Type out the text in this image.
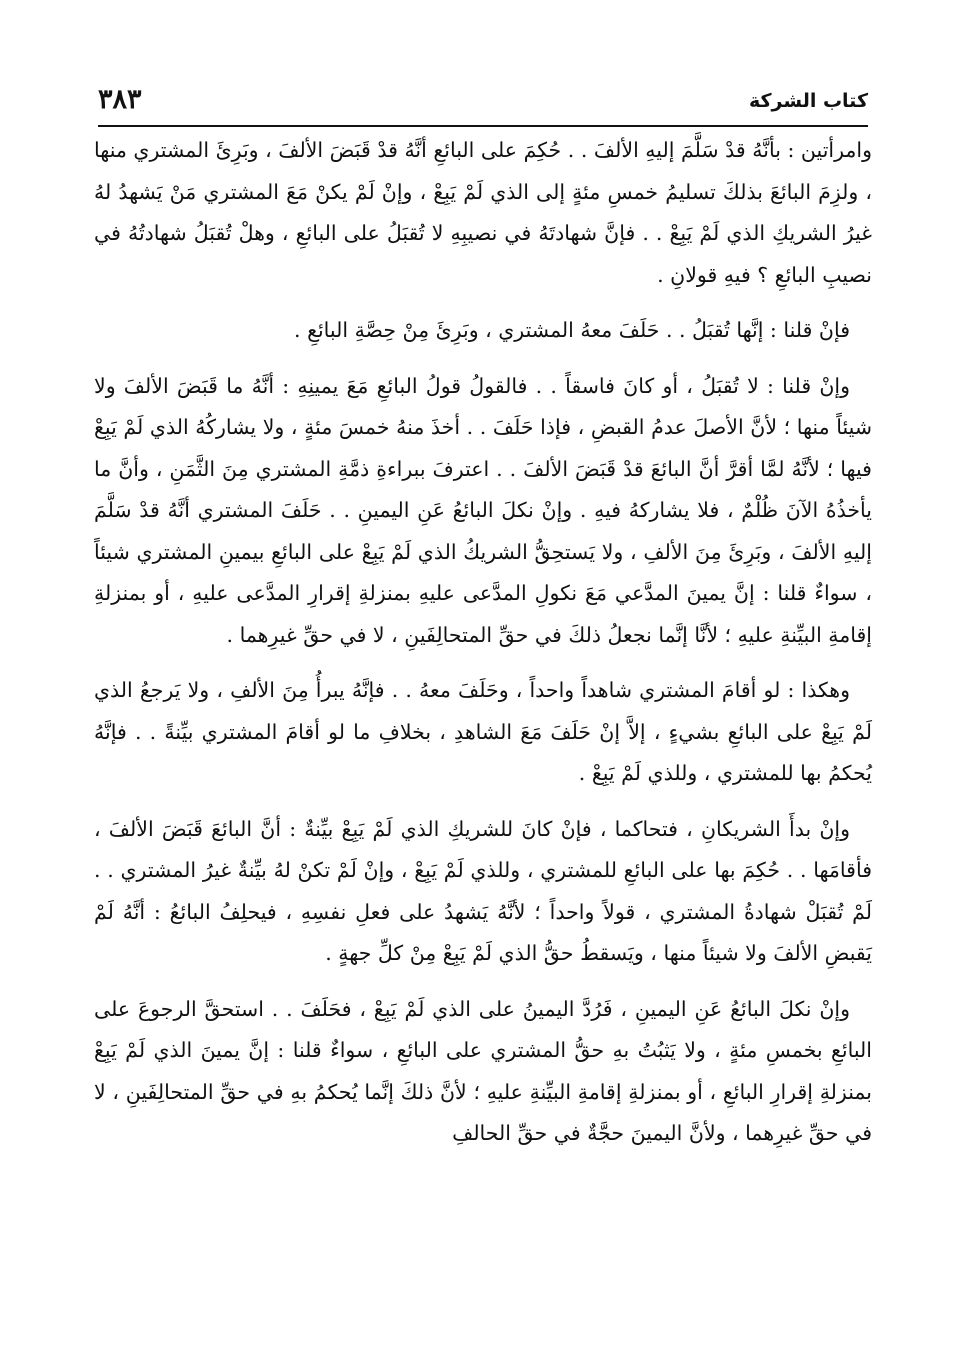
كتاب الشركة
٣٨٣

وامرأتين : بأنَّهُ قدْ سَلَّمَ إليهِ الألفَ . . حُكِمَ على البائعِ أنَّهُ قدْ قَبَضَ الألفَ ، وبَرِئَ المشتري منها ، ولزِمَ البائعَ بذلكَ تسليمُ خمسِ مئةٍ إلى الذي لَمْ يَبِعْ ، وإنْ لَمْ يكنْ مَعَ المشتري مَنْ يَشهدُ لهُ غيرُ الشريكِ الذي لَمْ يَبِعْ . . فإنَّ شهادتَهُ في نصيبِهِ لا تُقبَلُ على البائعِ ، وهلْ تُقبَلُ شهادتُهُ في نصيبِ البائعِ ؟ فيهِ قولانِ .

فإنْ قلنا : إنَّها تُقبَلُ . . حَلَفَ معهُ المشتري ، وبَرِئَ مِنْ حِصَّةِ البائعِ .

وإنْ قلنا : لا تُقبَلُ ، أو كانَ فاسقاً . . فالقولُ قولُ البائعِ مَعَ يمينِهِ : أنَّهُ ما قَبَضَ الألفَ ولا شيئاً منها ؛ لأنَّ الأصلَ عدمُ القبضِ ، فإذا حَلَفَ . . أخذَ منهُ خمسَ مئةٍ ، ولا يشاركُهُ الذي لَمْ يَبِعْ فيها ؛ لأنَّهُ لمَّا أقرَّ أنَّ البائعَ قدْ قَبَضَ الألفَ . . اعترفَ ببراءةِ ذمَّةِ المشتري مِنَ الثَّمَنِ ، وأنَّ ما يأخذُهُ الآنَ ظُلْمٌ ، فلا يشاركهُ فيهِ . وإنْ نكلَ البائعُ عَنِ اليمينِ . . حَلَفَ المشتري أنَّهُ قدْ سَلَّمَ إليهِ الألفَ ، وبَرِئَ مِنَ الألفِ ، ولا يَستحِقُّ الشريكُ الذي لَمْ يَبِعْ على البائعِ بيمينِ المشتري شيئاً ، سواءٌ قلنا : إنَّ يمينَ المدَّعي مَعَ نكولِ المدَّعى عليهِ بمنزلةِ إقرارِ المدَّعى عليهِ ، أو بمنزلةِ إقامةِ البيِّنةِ عليهِ ؛ لأنَّا إنَّما نجعلُ ذلكَ في حقِّ المتحالِفَينِ ، لا في حقِّ غيرِهما .

وهكذا : لو أقامَ المشتري شاهداً واحداً ، وحَلَفَ معهُ . . فإنَّهُ يبرأُ مِنَ الألفِ ، ولا يَرجعُ الذي لَمْ يَبِعْ على البائعِ بشيءٍ ، إلاَّ إنْ حَلَفَ مَعَ الشاهدِ ، بخلافِ ما لو أقامَ المشتري بيِّنةً . . فإنَّهُ يُحكمُ بها للمشتري ، وللذي لَمْ يَبِعْ .

وإنْ بدأَ الشريكانِ ، فتحاكما ، فإنْ كانَ للشريكِ الذي لَمْ يَبِعْ بيِّنةٌ : أنَّ البائعَ قَبَضَ الألفَ ، فأقامَها . . حُكِمَ بها على البائعِ للمشتري ، وللذي لَمْ يَبِعْ ، وإنْ لَمْ تكنْ لهُ بيِّنةٌ غيرُ المشتري . . لَمْ تُقبَلْ شهادةُ المشتري ، قولاً واحداً ؛ لأنَّهُ يَشهدُ على فعلِ نفسِهِ ، فيحلِفُ البائعُ : أنَّهُ لَمْ يَقبضِ الألفَ ولا شيئاً منها ، ويَسقطُ حقُّ الذي لَمْ يَبِعْ مِنْ كلِّ جهةٍ .

وإنْ نكلَ البائعُ عَنِ اليمينِ ، فَرُدَّ اليمينُ على الذي لَمْ يَبِعْ ، فحَلَفَ . . استحقَّ الرجوعَ على البائعِ بخمسِ مئةٍ ، ولا يَثبُتُ بهِ حقُّ المشتري على البائعِ ، سواءٌ قلنا : إنَّ يمينَ الذي لَمْ يَبِعْ بمنزلةِ إقرارِ البائعِ ، أو بمنزلةِ إقامةِ البيِّنةِ عليهِ ؛ لأنَّ ذلكَ إنَّما يُحكمُ بهِ في حقِّ المتحالِفَينِ ، لا في حقِّ غيرِهما ، ولأنَّ اليمينَ حجَّةٌ في حقِّ الحالفِ
